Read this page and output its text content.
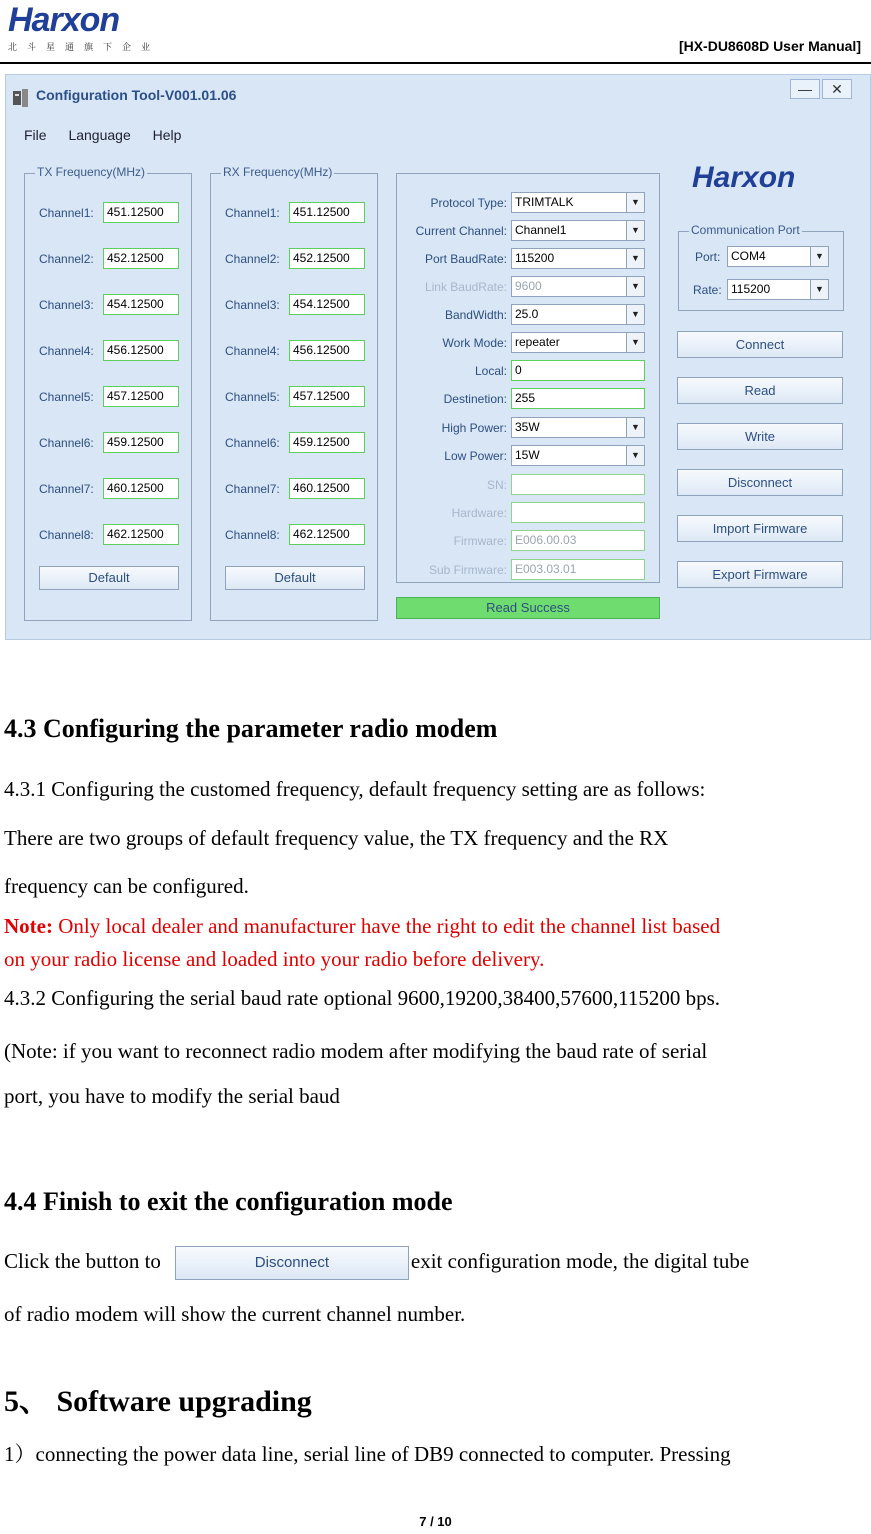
Harxon
北斗星通旗下企业	[HX-DU8608D User Manual]
Configuration Tool-V001.01.06	—	✕
File Language Help
TX Frequency(MHz)
Channel1:	451.12500
Channel2:	452.12500
Channel3:	454.12500
Channel4:	456.12500
Channel5:	457.12500
Channel6:	459.12500
Channel7:	460.12500
Channel8:	462.12500
Default
RX Frequency(MHz)
Channel1:	451.12500
Channel2:	452.12500
Channel3:	454.12500
Channel4:	456.12500
Channel5:	457.12500
Channel6:	459.12500
Channel7:	460.12500
Channel8:	462.12500
Default
Protocol Type: TRIMTALK	▼
Current Channel: Channel1	▼
Port BaudRate: 115200	▼
Link BaudRate: 9600	▼
BandWidth: 25.0	▼
Work Mode: repeater	▼
Local: 0
Destinetion: 255
High Power: 35W	▼
Low Power: 15W	▼
SN:
Hardware:
Firmware: E006.00.03
Sub Firmware: E003.03.01
Read Success
Harxon
Communication Port
Port: COM4	▼
Rate: 115200	▼
Connect
Read
Write
Disconnect
Import Firmware
Export Firmware
4.3 Configuring the parameter radio modem
4.3.1 Configuring the customed frequency, default frequency setting are as follows:
There are two groups of default frequency value, the TX frequency and the RX
frequency can be configured.
Note: Only local dealer and manufacturer have the right to edit the channel list based
on your radio license and loaded into your radio before delivery.
4.3.2 Configuring the serial baud rate optional 9600,19200,38400,57600,115200 bps.
(Note: if you want to reconnect radio modem after modifying the baud rate of serial
port, you have to modify the serial baud
4.4 Finish to exit the configuration mode
Click the button to	Disconnect	exit configuration mode, the digital tube
of radio modem will show the current channel number.
5、 Software upgrading
1）connecting the power data line, serial line of DB9 connected to computer. Pressing
7 / 10
